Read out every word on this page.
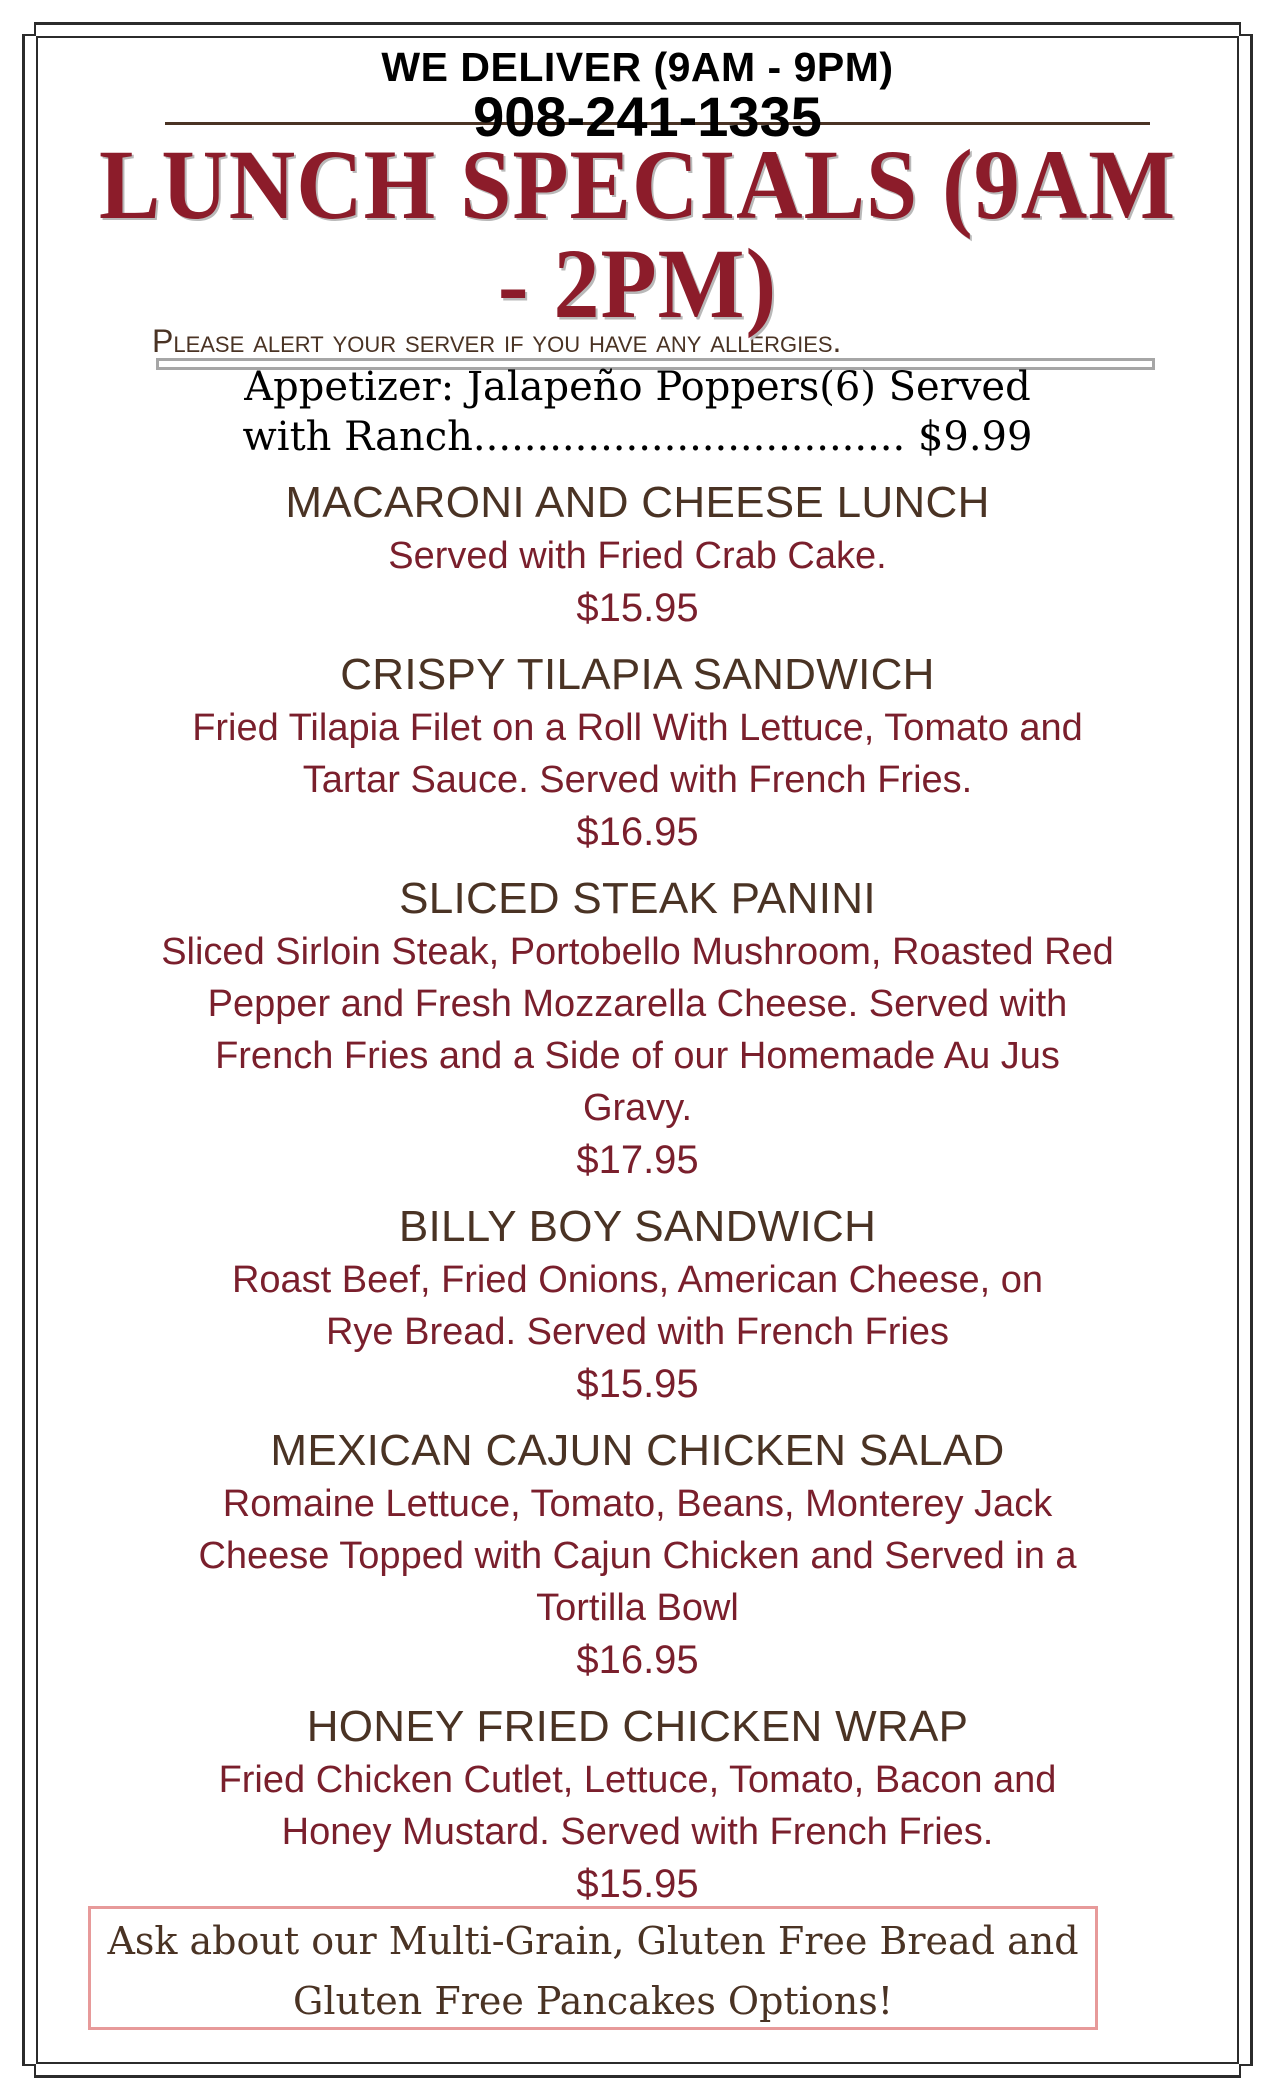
WE DELIVER (9AM - 9PM)

908-241-1335
LUNCH SPECIALS (9AM - 2PM)

Please alert your server if you have any allergies.

Appetizer: Jalapeño Poppers(6) Served
with Ranch.................................. $9.99

MACARONI AND CHEESE LUNCH

Served with Fried Crab Cake.

$15.95

CRISPY TILAPIA SANDWICH

Fried Tilapia Filet on a Roll With Lettuce, Tomato and Tartar Sauce. Served with French Fries.

$16.95

SLICED STEAK PANINI

Sliced Sirloin Steak, Portobello Mushroom, Roasted Red Pepper and Fresh Mozzarella Cheese. Served with French Fries and a Side of our Homemade Au Jus Gravy.

$17.95

BILLY BOY SANDWICH

Roast Beef, Fried Onions, American Cheese, on Rye Bread. Served with French Fries

$15.95

MEXICAN CAJUN CHICKEN SALAD

Romaine Lettuce, Tomato, Beans, Monterey Jack Cheese Topped with Cajun Chicken and Served in a Tortilla Bowl

$16.95

HONEY FRIED CHICKEN WRAP

Fried Chicken Cutlet, Lettuce, Tomato, Bacon and Honey Mustard. Served with French Fries.

$15.95

Ask about our Multi-Grain, Gluten Free Bread and
Gluten Free Pancakes Options!
